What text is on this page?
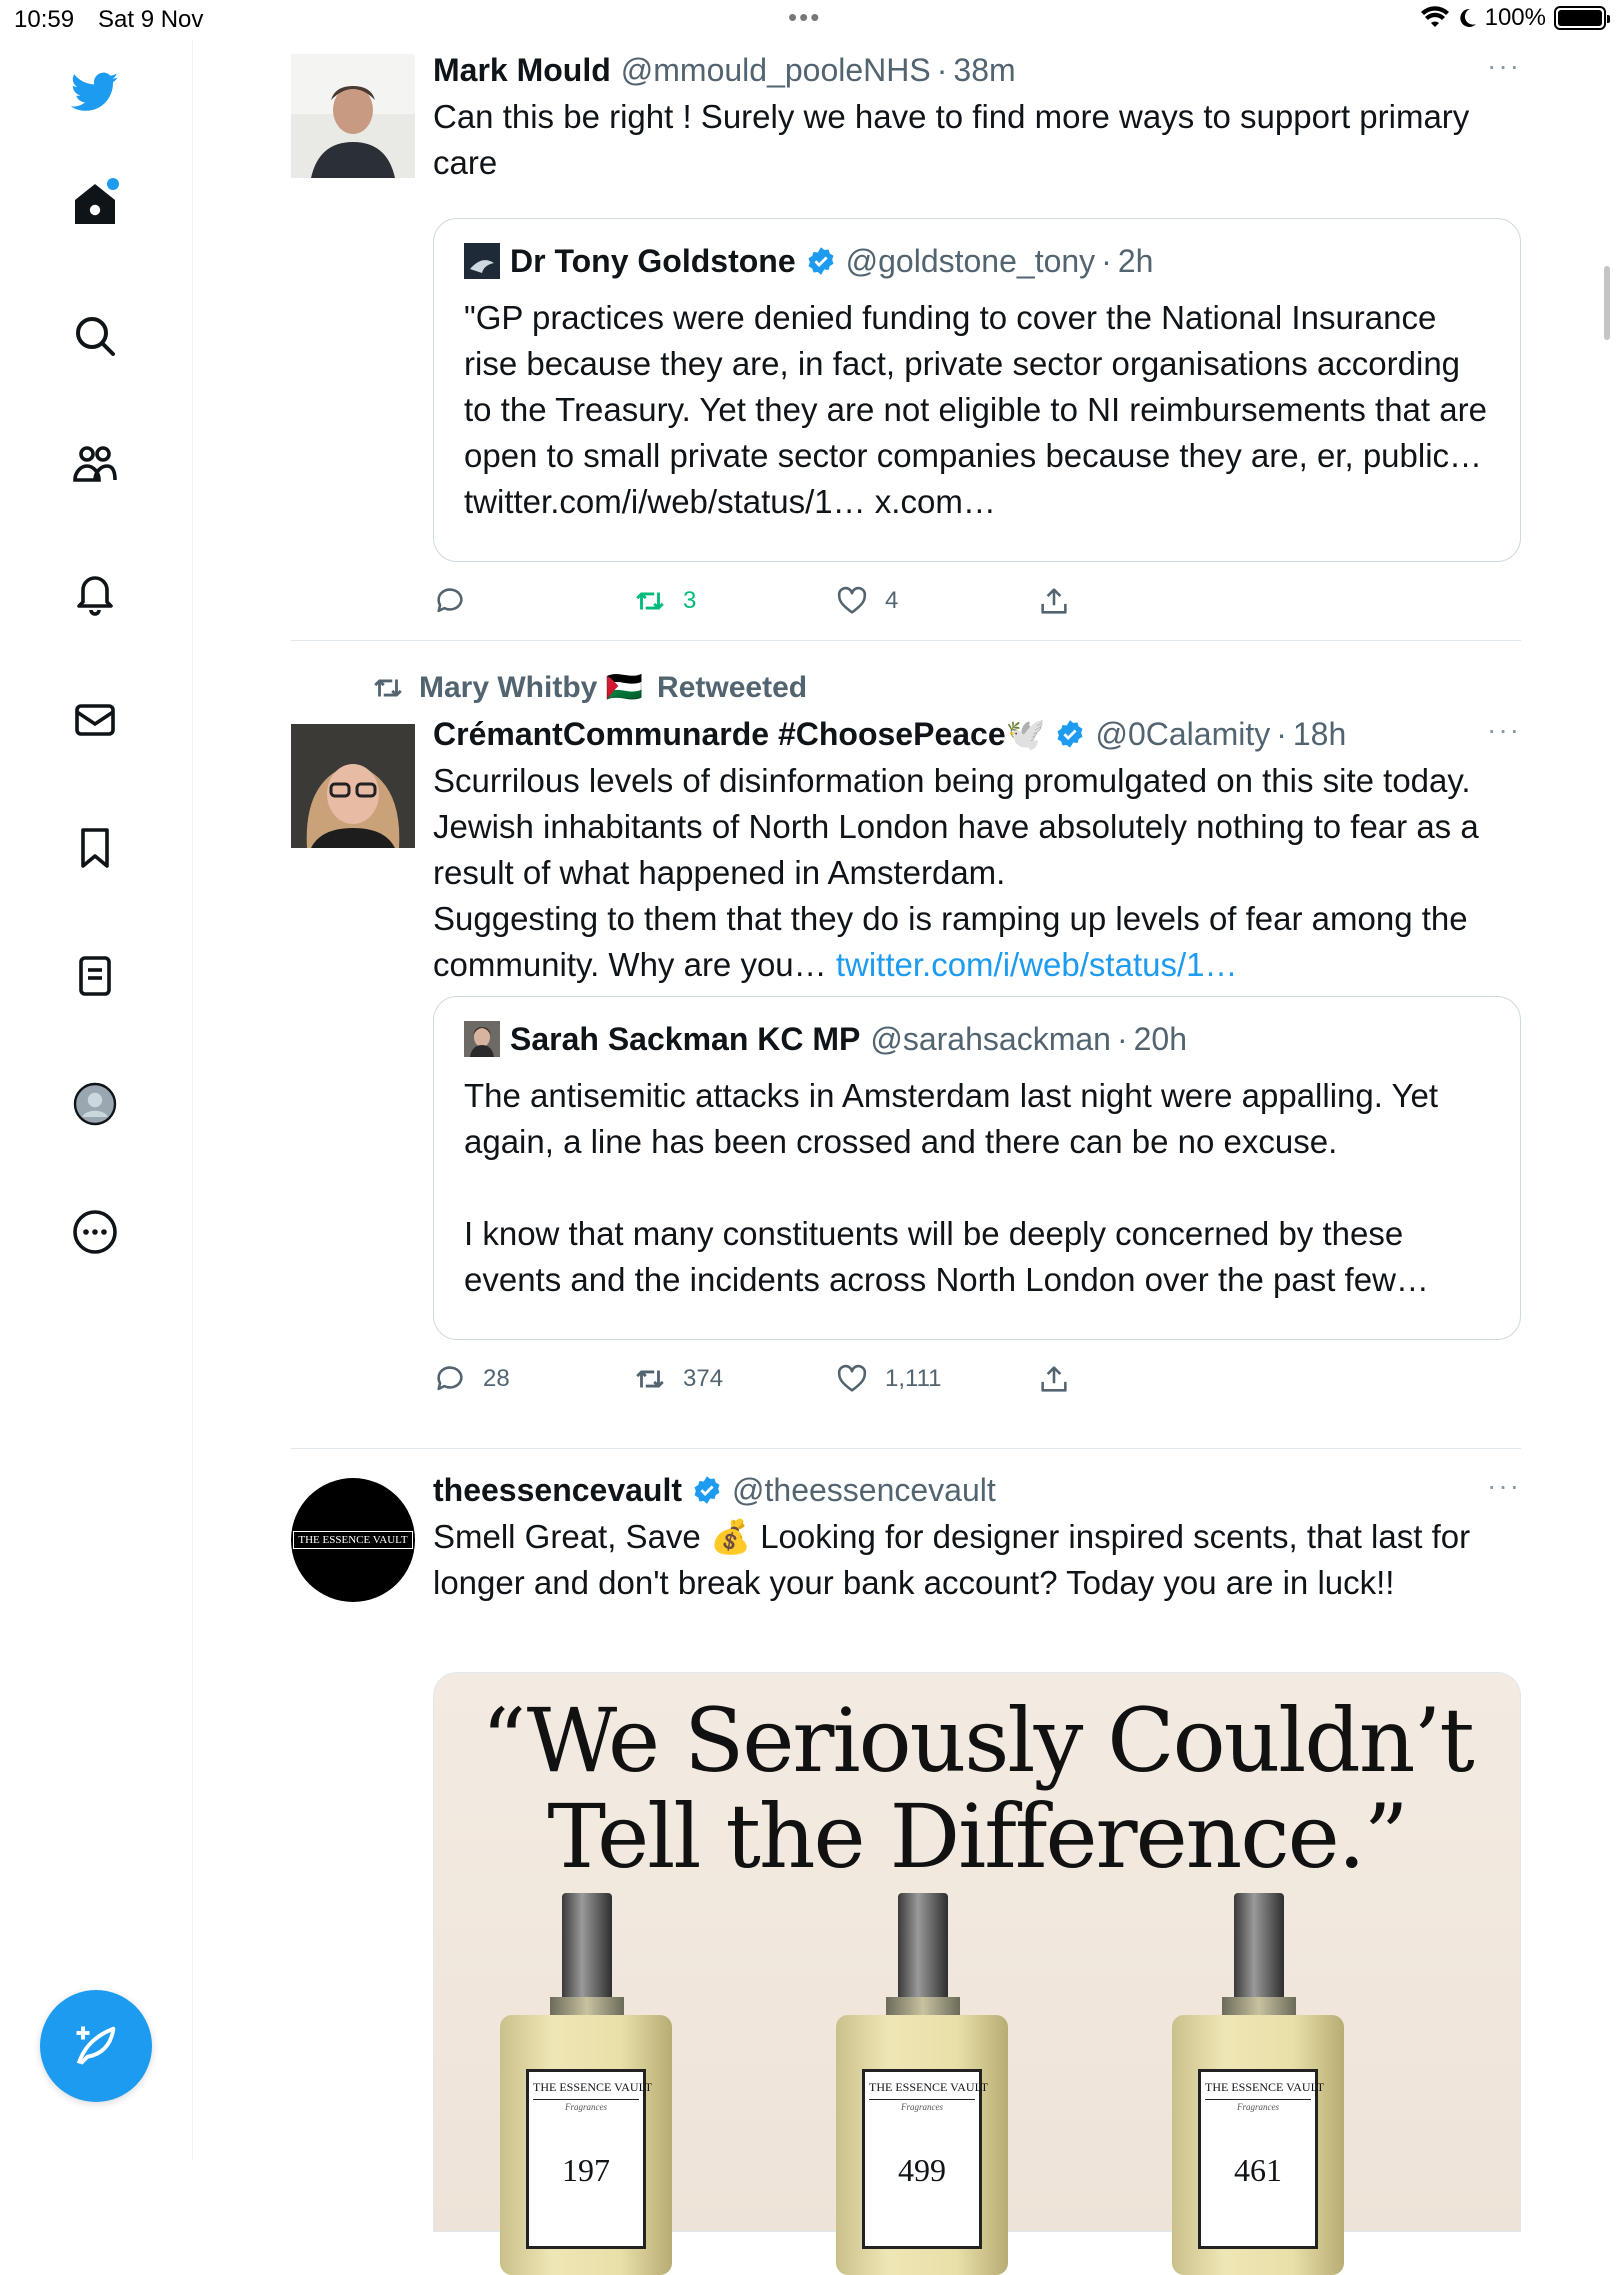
10:59 Sat 9 Nov	•••	100%
Mark Mould @mmould_pooleNHS · 38m	···
Can this be right ! Surely we have to find more ways to support primary care
Dr Tony Goldstone @goldstone_tony · 2h
"GP practices were denied funding to cover the National Insurance rise because they are, in fact, private sector organisations according to the Treasury. Yet they are not eligible to NI reimbursements that are open to small private sector companies because they are, er, public… twitter.com/i/web/status/1… x.com…
3	4
Mary Whitby 🇵🇸 Retweeted
CrémantCommunarde #ChoosePeace🕊️ @0Calamity · 18h	···
Scurrilous levels of disinformation being promulgated on this site today. Jewish inhabitants of North London have absolutely nothing to fear as a result of what happened in Amsterdam.
Suggesting to them that they do is ramping up levels of fear among the community. Why are you… twitter.com/i/web/status/1…
Sarah Sackman KC MP @sarahsackman · 20h
The antisemitic attacks in Amsterdam last night were appalling. Yet again, a line has been crossed and there can be no excuse.

I know that many constituents will be deeply concerned by these events and the incidents across North London over the past few…
28	374	1,111
THE ESSENCE VAULT
theessencevault @theessencevault	···
Smell Great, Save 💰 Looking for designer inspired scents, that last for longer and don't break your bank account? Today you are in luck!!
“We Seriously Couldn’t Tell the Difference.”
THE ESSENCE VAULT
Fragrances
197
THE ESSENCE VAULT
Fragrances
499
THE ESSENCE VAULT
Fragrances
461
